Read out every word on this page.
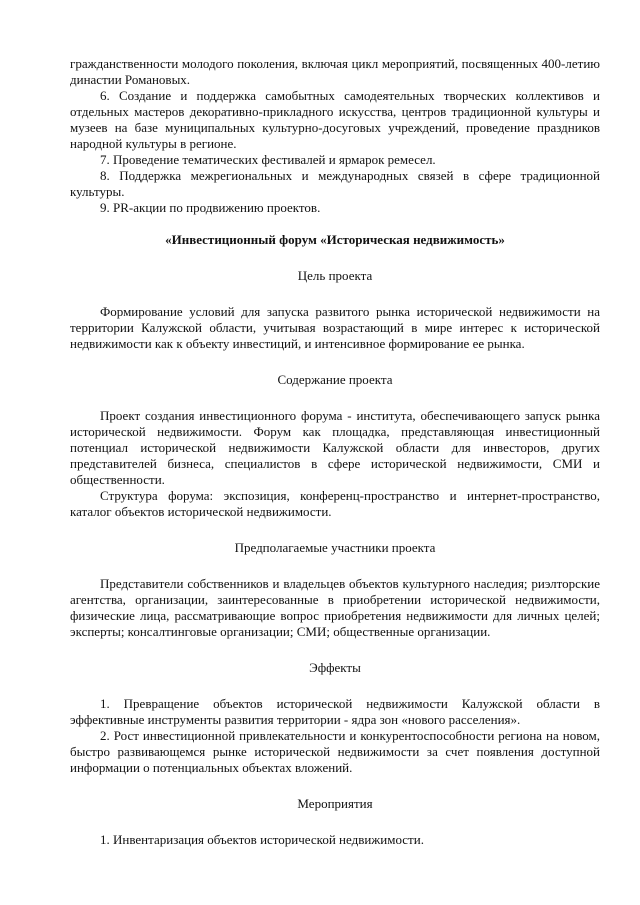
гражданственности молодого поколения, включая цикл мероприятий, посвященных 400-летию династии Романовых.

6. Создание и поддержка самобытных самодеятельных творческих коллективов и отдельных мастеров декоративно-прикладного искусства, центров традиционной культуры и музеев на базе муниципальных культурно-досуговых учреждений, проведение праздников народной культуры в регионе.

7. Проведение тематических фестивалей и ярмарок ремесел.

8. Поддержка межрегиональных и международных связей в сфере традиционной культуры.

9. PR-акции по продвижению проектов.

«Инвестиционный форум «Историческая недвижимость»

Цель проекта

Формирование условий для запуска развитого рынка исторической недвижимости на территории Калужской области, учитывая возрастающий в мире интерес к исторической недвижимости как к объекту инвестиций, и интенсивное формирование ее рынка.

Содержание проекта

Проект создания инвестиционного форума - института, обеспечивающего запуск рынка исторической недвижимости. Форум как площадка, представляющая инвестиционный потенциал исторической недвижимости Калужской области для инвесторов, других представителей бизнеса, специалистов в сфере исторической недвижимости, СМИ и общественности.

Структура форума: экспозиция, конференц-пространство и интернет-пространство, каталог объектов исторической недвижимости.

Предполагаемые участники проекта

Представители собственников и владельцев объектов культурного наследия; риэлторские агентства, организации, заинтересованные в приобретении исторической недвижимости, физические лица, рассматривающие вопрос приобретения недвижимости для личных целей; эксперты; консалтинговые организации; СМИ; общественные организации.

Эффекты

1. Превращение объектов исторической недвижимости Калужской области в эффективные инструменты развития территории - ядра зон «нового расселения».

2. Рост инвестиционной привлекательности и конкурентоспособности региона на новом, быстро развивающемся рынке исторической недвижимости за счет появления доступной информации о потенциальных объектах вложений.

Мероприятия

1. Инвентаризация объектов исторической недвижимости.
